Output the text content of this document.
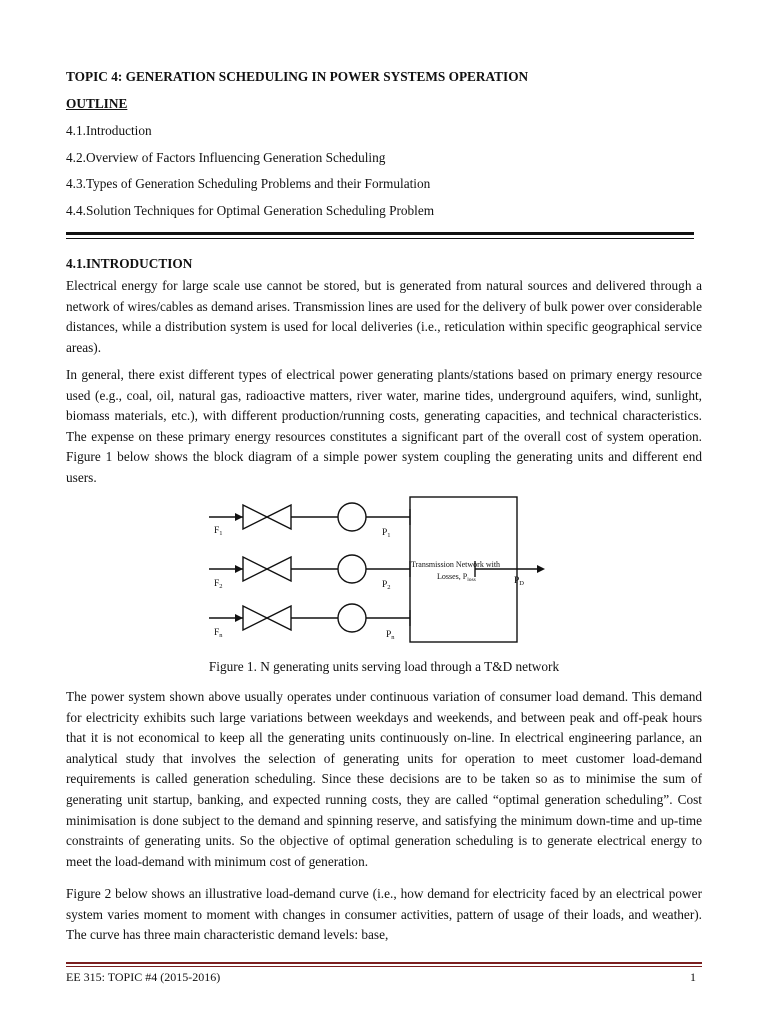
TOPIC 4: GENERATION SCHEDULING IN POWER SYSTEMS OPERATION
OUTLINE
4.1.Introduction
4.2.Overview of Factors Influencing Generation Scheduling
4.3.Types of Generation Scheduling Problems and their Formulation
4.4.Solution Techniques for Optimal Generation Scheduling Problem
4.1.INTRODUCTION
Electrical energy for large scale use cannot be stored, but is generated from natural sources and delivered through a network of wires/cables as demand arises. Transmission lines are used for the delivery of bulk power over considerable distances, while a distribution system is used for local deliveries (i.e., reticulation within specific geographical service areas).
In general, there exist different types of electrical power generating plants/stations based on primary energy resource used (e.g., coal, oil, natural gas, radioactive matters, river water, marine tides, underground aquifers, wind, sunlight, biomass materials, etc.), with different production/running costs, generating capacities, and technical characteristics. The expense on these primary energy resources constitutes a significant part of the overall cost of system operation. Figure 1 below shows the block diagram of a simple power system coupling the generating units and different end users.
Figure 1. N generating units serving load through a T&D network
The power system shown above usually operates under continuous variation of consumer load demand. This demand for electricity exhibits such large variations between weekdays and weekends, and between peak and off-peak hours that it is not economical to keep all the generating units continuously on-line. In electrical engineering parlance, an analytical study that involves the selection of generating units for operation to meet customer load-demand requirements is called generation scheduling. Since these decisions are to be taken so as to minimise the sum of generating unit startup, banking, and expected running costs, they are called “optimal generation scheduling”. Cost minimisation is done subject to the demand and spinning reserve, and satisfying the minimum down-time and up-time constraints of generating units. So the objective of optimal generation scheduling is to generate electrical energy to meet the load-demand with minimum cost of generation.
Figure 2 below shows an illustrative load-demand curve (i.e., how demand for electricity faced by an electrical power system varies moment to moment with changes in consumer activities, pattern of usage of their loads, and weather). The curve has three main characteristic demand levels: base,
$F_1$
$F_2$
$F_n$
$P_1$
$P_2$
$P_n$
Transmission Network with
Losses, $P_{loss}$	$P_D$
EE 315: TOPIC #4 (2015-2016)	1
